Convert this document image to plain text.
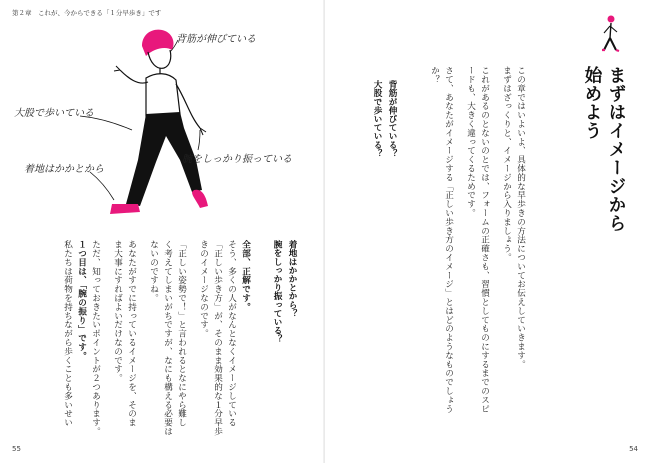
第２章　これが、今からできる「１分早歩き」です
背筋が伸びている
大股で歩いている
着地はかかとから
腕をしっかり振っている
着地はかかとから？
腕をしっかり振っている？
全部、正解です。
そう、多くの人がなんとなくイメージしている
「正しい歩き方」が、そのまま効果的な１分早歩
きのイメージなのです。
「正しい姿勢で！」と言われるとなにやら難し
く考えてしまいがちですが、なにも構える必要は
ないのですね。
あなたがすでに持っているイメージを、そのま
ま大事にすればよいだけなのです。
ただ、知っておきたいポイントが２つあります。
１つ目は、「腕の振り」です。
私たちは荷物を持ちながら歩くことも多いせい
55
まずはイメージから
始めよう
この章ではいよいよ、具体的な早歩きの方法についてお伝えしていきます。
まずはざっくりと、イメージから入りましょう。
これがあるのとないのとでは、フォームの正確さも、習慣としてものにするまでのスピ
ードも、大きく違ってくるためです。
さて、あなたがイメージする「正しい歩き方のイメージ」とはどのようなものでしょう
か？
背筋が伸びている？
大股で歩いている？
54
